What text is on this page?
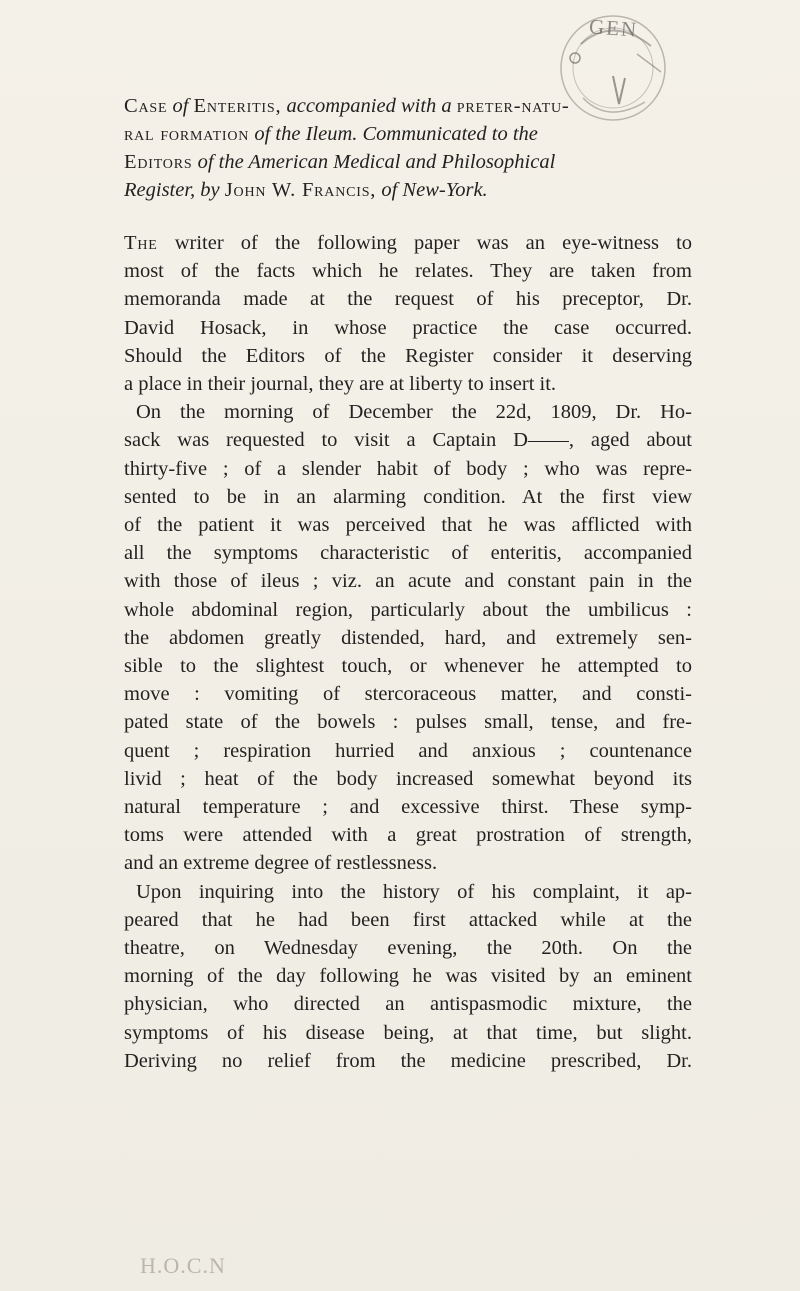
GEN
Case of Enteritis, accompanied with a preter-natu-
ral formation of the Ileum. Communicated to the
Editors of the American Medical and Philosophical
Register, by John W. Francis, of New-York.
The writer of the following paper was an eye-witness to
most of the facts which he relates. They are taken from
memoranda made at the request of his preceptor, Dr.
David Hosack, in whose practice the case occurred.
Should the Editors of the Register consider it deserving
a place in their journal, they are at liberty to insert it.
On the morning of December the 22d, 1809, Dr. Ho-
sack was requested to visit a Captain D——, aged about
thirty-five ; of a slender habit of body ; who was repre-
sented to be in an alarming condition. At the first view
of the patient it was perceived that he was afflicted with
all the symptoms characteristic of enteritis, accompanied
with those of ileus ; viz. an acute and constant pain in the
whole abdominal region, particularly about the umbilicus :
the abdomen greatly distended, hard, and extremely sen-
sible to the slightest touch, or whenever he attempted to
move : vomiting of stercoraceous matter, and consti-
pated state of the bowels : pulses small, tense, and fre-
quent ; respiration hurried and anxious ; countenance
livid ; heat of the body increased somewhat beyond its
natural temperature ; and excessive thirst. These symp-
toms were attended with a great prostration of strength,
and an extreme degree of restlessness.
Upon inquiring into the history of his complaint, it ap-
peared that he had been first attacked while at the
theatre, on Wednesday evening, the 20th. On the
morning of the day following he was visited by an eminent
physician, who directed an antispasmodic mixture, the
symptoms of his disease being, at that time, but slight.
Deriving no relief from the medicine prescribed, Dr.
H.O.C.N
